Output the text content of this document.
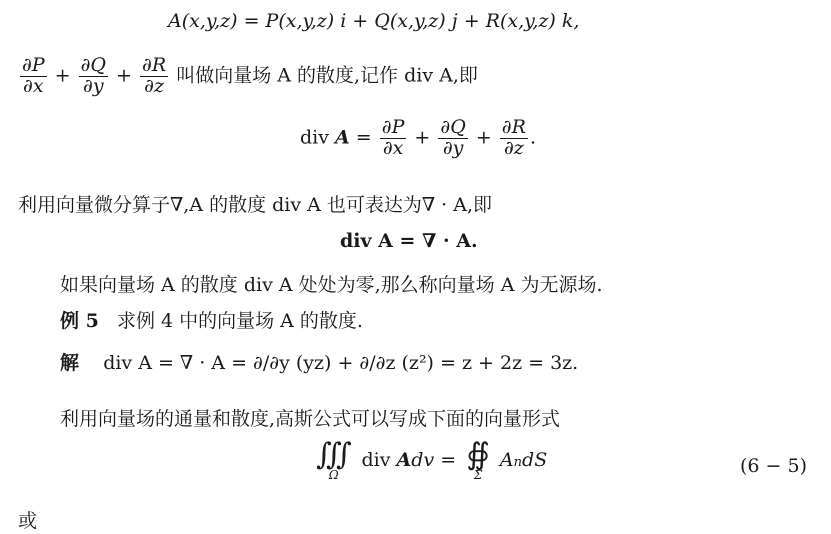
A(x,y,z) = P(x,y,z) i + Q(x,y,z) j + R(x,y,z) k,
$\frac{\partial P}{\partial x} + \frac{\partial Q}{\partial y} + \frac{\partial R}{\partial z}$ 叫做向量场 A 的散度,记作 div A,即
div $A = \frac{\partial P}{\partial x} + \frac{\partial Q}{\partial y} + \frac{\partial R}{\partial z}$ .
利用向量微分算子∇,A 的散度 div A 也可表达为∇ · A,即
div A = ∇ · A.
如果向量场 A 的散度 div A 处处为零,那么称向量场 A 为无源场.
例 5 求例 4 中的向量场 A 的散度.
解 div A = ∇ · A = ∂/∂y (yz) + ∂/∂z (z²) = z + 2z = 3z.
利用向量场的通量和散度,高斯公式可以写成下面的向量形式
∭
Ω
div Adv = ∯
Σ
AndS	(6 − 5)
或
